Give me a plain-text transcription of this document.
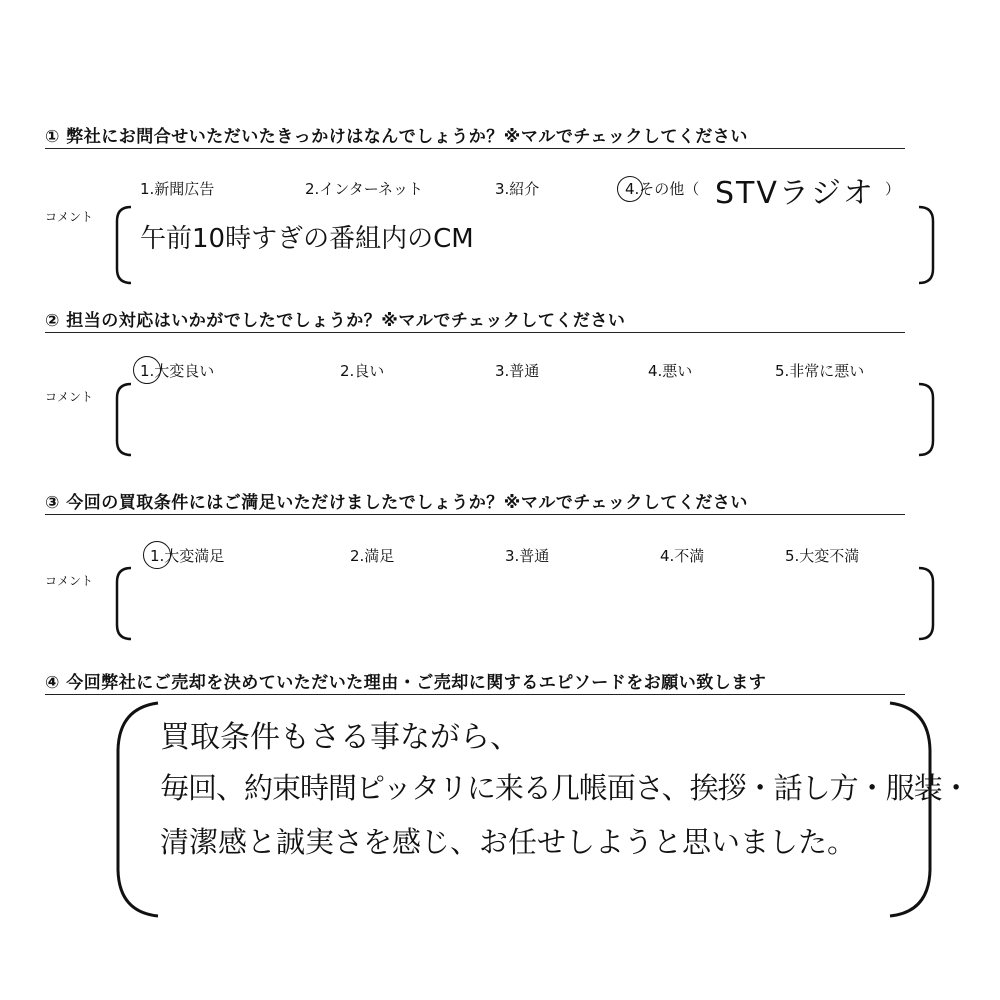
① 弊社にお問合せいただいたきっかけはなんでしょうか？※マルでチェックしてください
1.新聞広告	2.インターネット	3.紹介	4.その他（ STVラジオ ）
コメント
午前10時すぎの番組内のCM
② 担当の対応はいかがでしたでしょうか？※マルでチェックしてください
1.大変良い	2.良い	3.普通	4.悪い	5.非常に悪い
コメント
③ 今回の買取条件にはご満足いただけましたでしょうか？※マルでチェックしてください
1.大変満足	2.満足	3.普通	4.不満	5.大変不満
コメント
④ 今回弊社にご売却を決めていただいた理由・ご売却に関するエピソードをお願い致します
買取条件もさる事ながら、
毎回、約束時間ピッタリに来る几帳面さ、挨拶・話し方・服装・
清潔感と誠実さを感じ、お任せしようと思いました。
